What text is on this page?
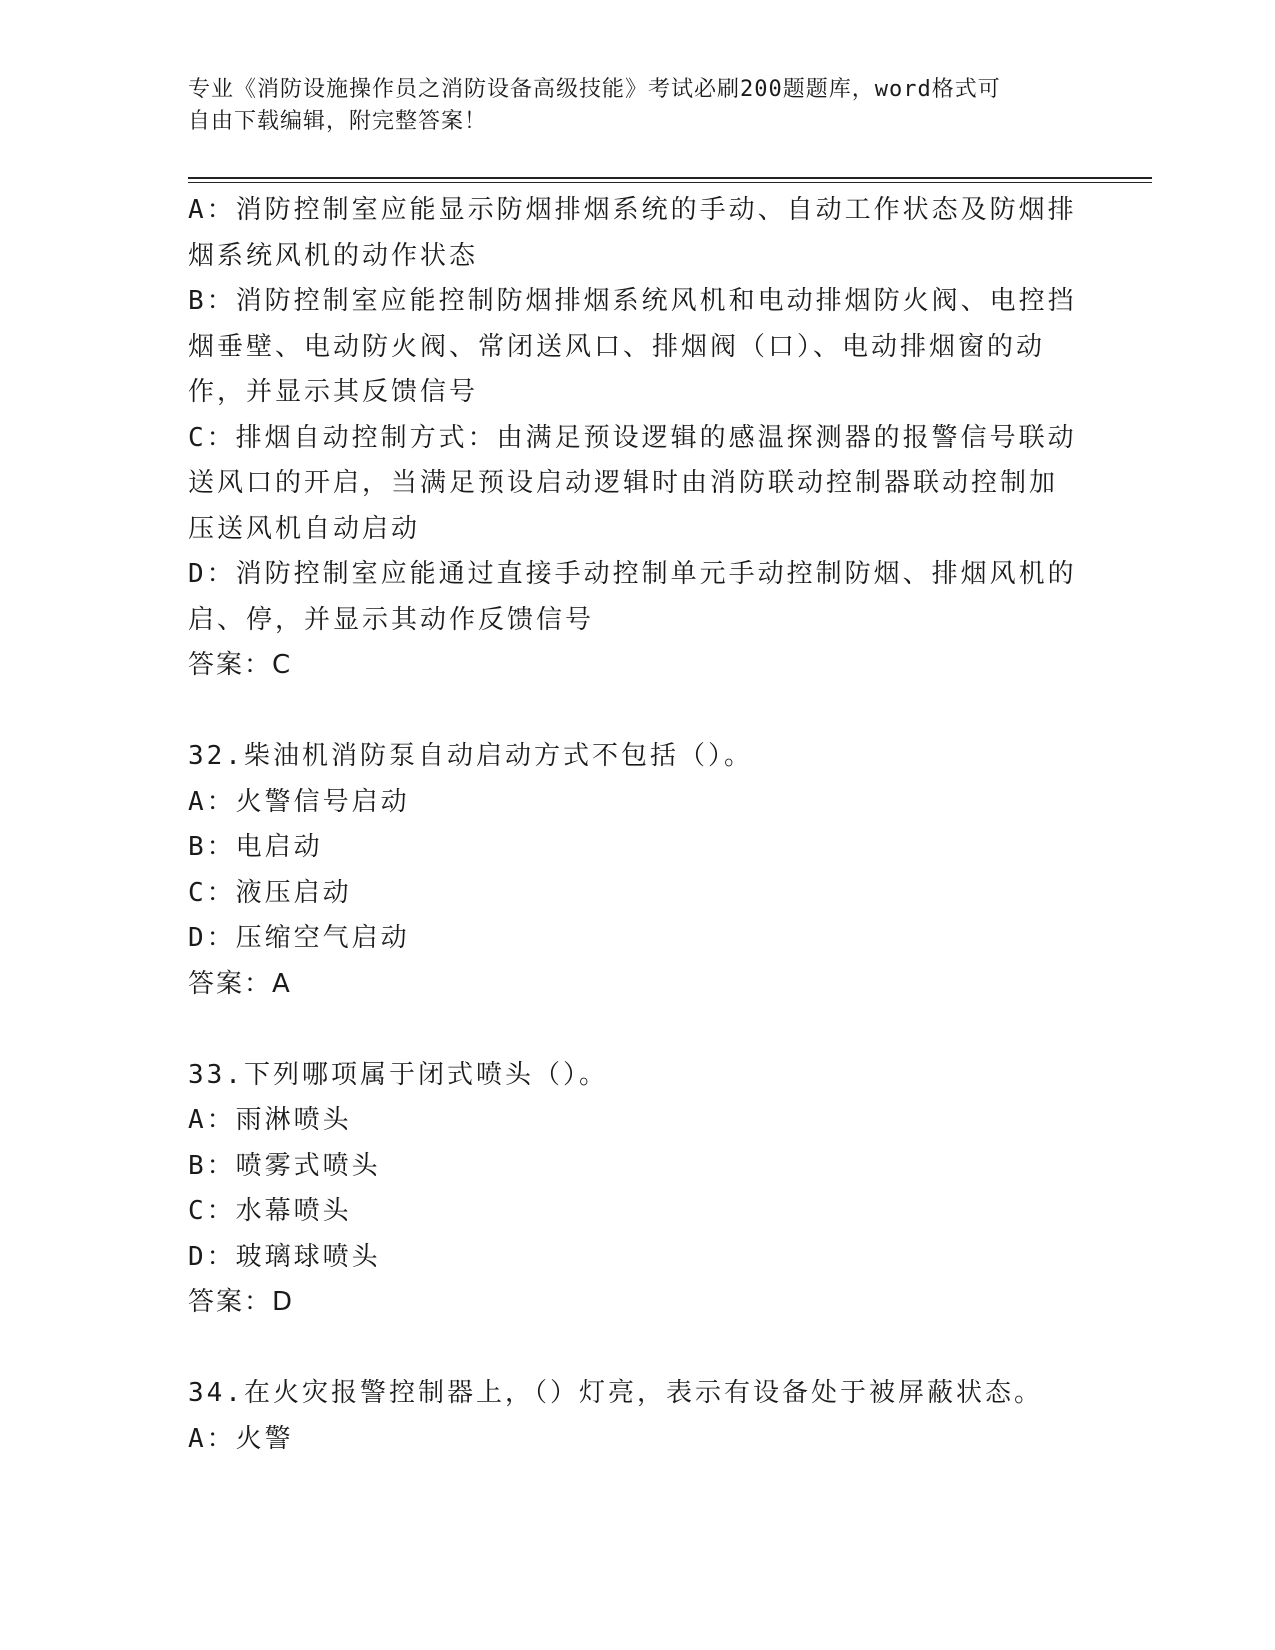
专业《消防设施操作员之消防设备高级技能》考试必刷200题题库，word格式可
自由下载编辑，附完整答案！
A：消防控制室应能显示防烟排烟系统的手动、自动工作状态及防烟排
烟系统风机的动作状态
B：消防控制室应能控制防烟排烟系统风机和电动排烟防火阀、电控挡
烟垂壁、电动防火阀、常闭送风口、排烟阀（口）、电动排烟窗的动
作，并显示其反馈信号
C：排烟自动控制方式：由满足预设逻辑的感温探测器的报警信号联动
送风口的开启，当满足预设启动逻辑时由消防联动控制器联动控制加
压送风机自动启动
D：消防控制室应能通过直接手动控制单元手动控制防烟、排烟风机的
启、停，并显示其动作反馈信号
答案：C
32.柴油机消防泵自动启动方式不包括（）。
A：火警信号启动
B：电启动
C：液压启动
D：压缩空气启动
答案：A
33.下列哪项属于闭式喷头（）。
A：雨淋喷头
B：喷雾式喷头
C：水幕喷头
D：玻璃球喷头
答案：D
34.在火灾报警控制器上，（）灯亮，表示有设备处于被屏蔽状态。
A：火警
